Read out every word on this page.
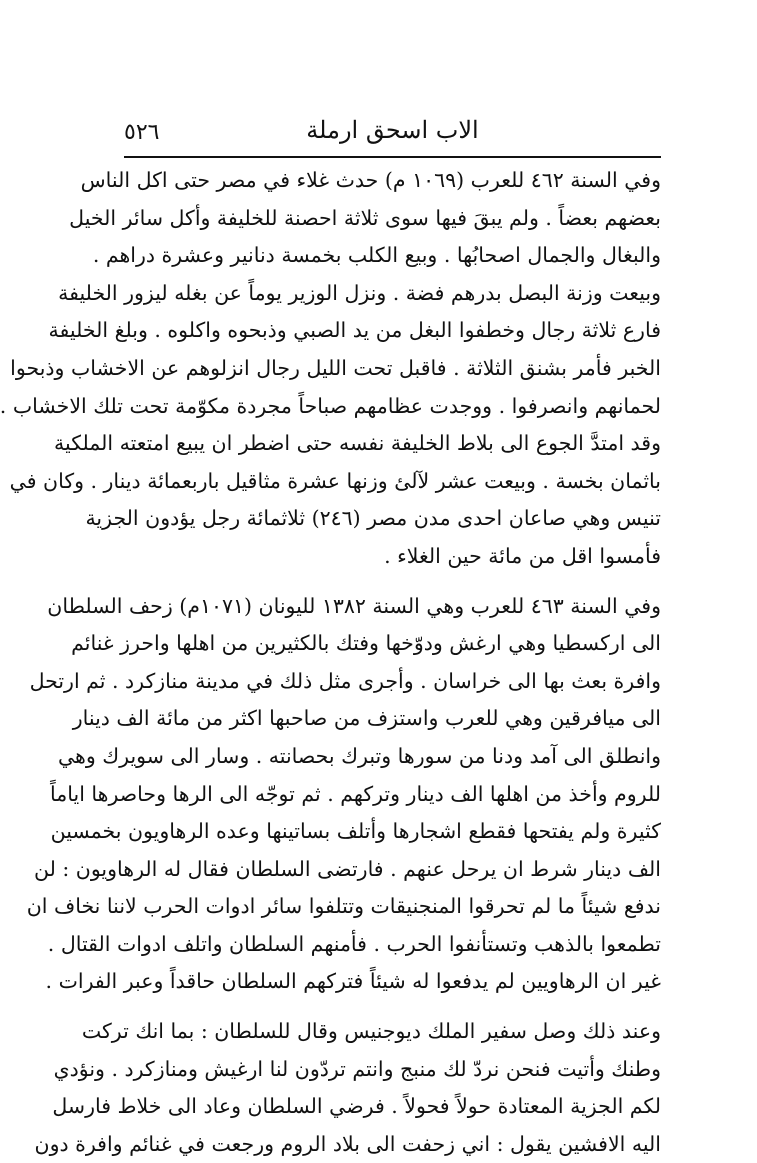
٥٢٦	الاب اسحق ارملة
وفي السنة ٤٦٢ للعرب (١٠٦٩ م) حدث غلاء في مصر حتى اكل الناس
بعضهم بعضاً . ولم يبقَ فيها سوى ثلاثة احصنة للخليفة وأكل سائر الخيل
والبغال والجمال اصحابُها . وبيع الكلب بخمسة دنانير وعشرة دراهم .
وبيعت وزنة البصل بدرهم فضة . ونزل الوزير يوماً عن بغله ليزور الخليفة
فارع ثلاثة رجال وخطفوا البغل من يد الصبي وذبحوه واكلوه . وبلغ الخليفة
الخبر فأمر بشنق الثلاثة . فاقبل تحت الليل رجال انزلوهم عن الاخشاب وذبحوا
لحمانهم وانصرفوا . ووجدت عظامهم صباحاً مجردة مكوّمة تحت تلك الاخشاب .
وقد امتدَّ الجوع الى بلاط الخليفة نفسه حتى اضطر ان يبيع امتعته الملكية
باثمان بخسة . وبيعت عشر لآلئ وزنها عشرة مثاقيل باربعمائة دينار . وكان في
تنيس وهي صاعان احدى مدن مصر (٢٤٦) ثلاثمائة رجل يؤدون الجزية
فأمسوا اقل من مائة حين الغلاء .
وفي السنة ٤٦٣ للعرب وهي السنة ١٣٨٢ لليونان (١٠٧١م) زحف السلطان
الى اركسطيا وهي ارغش ودوّخها وفتك بالكثيرين من اهلها واحرز غنائم
وافرة بعث بها الى خراسان . وأجرى مثل ذلك في مدينة منازكرد . ثم ارتحل
الى ميافرقين وهي للعرب واستزف من صاحبها اكثر من مائة الف دينار
وانطلق الى آمد ودنا من سورها وتبرك بحصانته . وسار الى سويرك وهي
للروم وأخذ من اهلها الف دينار وتركهم . ثم توجّه الى الرها وحاصرها اياماً
كثيرة ولم يفتحها فقطع اشجارها وأتلف بساتينها وعده الرهاويون بخمسين
الف دينار شرط ان يرحل عنهم . فارتضى السلطان فقال له الرهاويون : لن
ندفع شيئاً ما لم تحرقوا المنجنيقات وتتلفوا سائر ادوات الحرب لاننا نخاف ان
تطمعوا بالذهب وتستأنفوا الحرب . فأمنهم السلطان واتلف ادوات القتال .
غير ان الرهاويين لم يدفعوا له شيئاً فتركهم السلطان حاقداً وعبر الفرات .
وعند ذلك وصل سفير الملك ديوجنيس وقال للسلطان : بما انك تركت
وطنك وأتيت فنحن نردّ لك منبج وانتم تردّون لنا ارغيش ومنازكرد . ونؤدي
لكم الجزية المعتادة حولاً فحولاً . فرضي السلطان وعاد الى خلاط فارسل
اليه الافشين يقول : اني زحفت الى بلاد الروم ورجعت في غنائم وافرة دون
